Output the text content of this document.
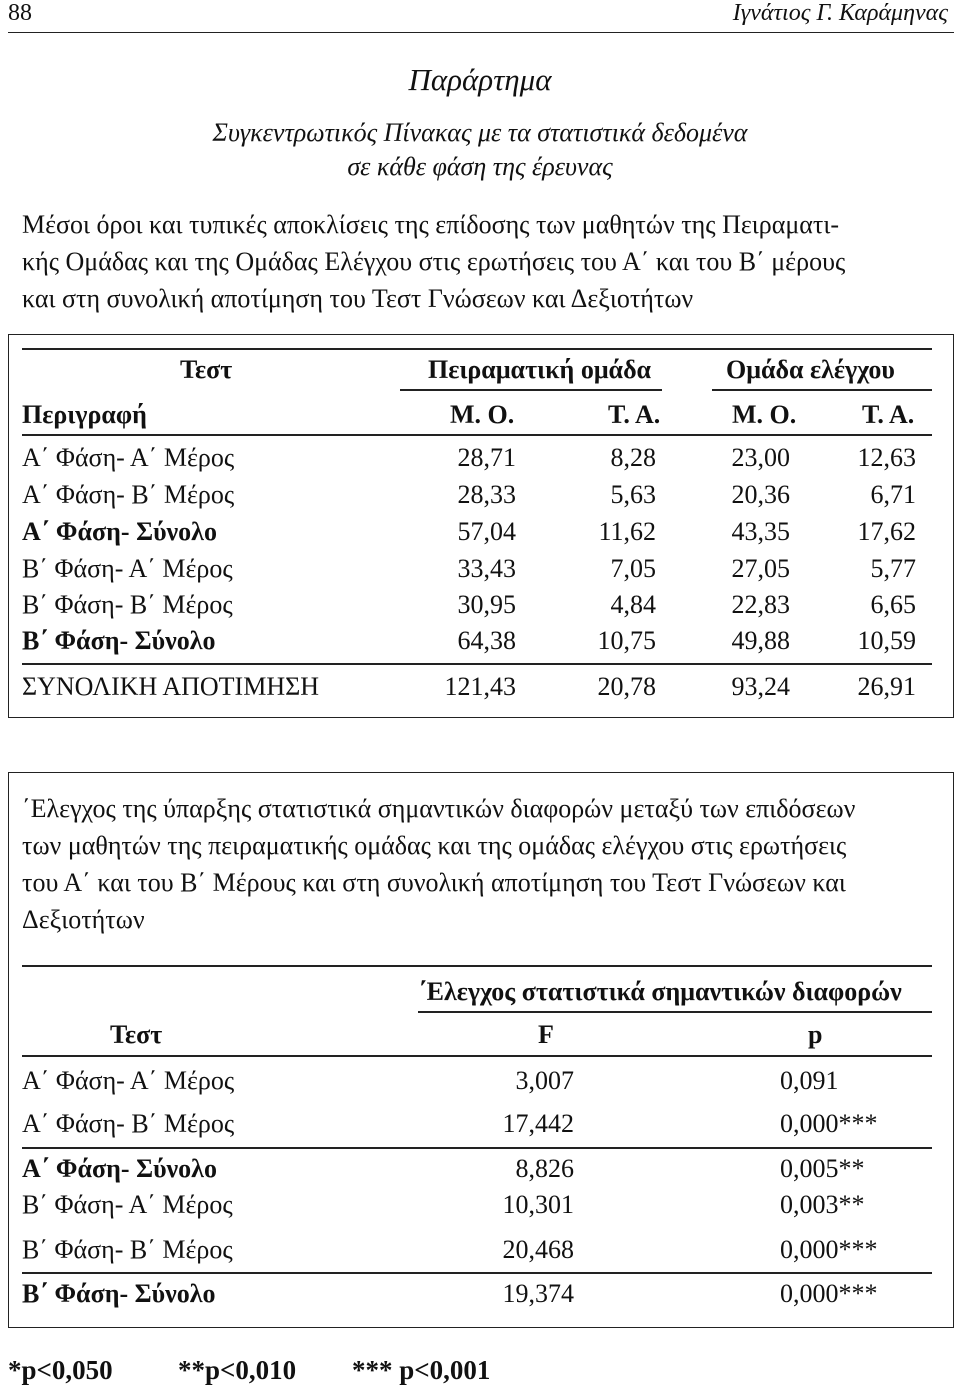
88	Ιγνάτιος Γ. Καράμηνας
Παράρτημα
Συγκεντρωτικός Πίνακας με τα στατιστικά δεδομένα
σε κάθε φάση της έρευνας
Μέσοι όροι και τυπικές αποκλίσεις της επίδοσης των μαθητών της Πειραματι-
κής Ομάδας και της Ομάδας Ελέγχου στις ερωτήσεις του Α΄ και του Β΄ μέρους
και στη συνολική αποτίμηση του Τεστ Γνώσεων και Δεξιοτήτων
Τεστ	Πειραματική ομάδα	Ομάδα ελέγχου
Περιγραφή	Μ. Ο.	Τ. Α.	Μ. Ο.	Τ. Α.
Α΄ Φάση- Α΄ Μέρος	28,71	8,28	23,00	12,63
Α΄ Φάση- Β΄ Μέρος	28,33	5,63	20,36	6,71
Α΄ Φάση- Σύνολο	57,04	11,62	43,35	17,62
Β΄ Φάση- Α΄ Μέρος	33,43	7,05	27,05	5,77
Β΄ Φάση- Β΄ Μέρος	30,95	4,84	22,83	6,65
Β΄ Φάση- Σύνολο	64,38	10,75	49,88	10,59
ΣΥΝΟΛΙΚΗ ΑΠΟΤΙΜΗΣΗ	121,43	20,78	93,24	26,91
΄Ελεγχος της ύπαρξης στατιστικά σημαντικών διαφορών μεταξύ των επιδόσεων
των μαθητών της πειραματικής ομάδας και της ομάδας ελέγχου στις ερωτήσεις
του Α΄ και του Β΄ Μέρους και στη συνολική αποτίμηση του Τεστ Γνώσεων και
Δεξιοτήτων
΄Ελεγχος στατιστικά σημαντικών διαφορών
Τεστ	F	p
Α΄ Φάση- Α΄ Μέρος	3,007	0,091
Α΄ Φάση- Β΄ Μέρος	17,442	0,000***
Α΄ Φάση- Σύνολο	8,826	0,005**
Β΄ Φάση- Α΄ Μέρος	10,301	0,003**
Β΄ Φάση- Β΄ Μέρος	20,468	0,000***
Β΄ Φάση- Σύνολο	19,374	0,000***
*p<0,050 **p<0,010 *** p<0,001
